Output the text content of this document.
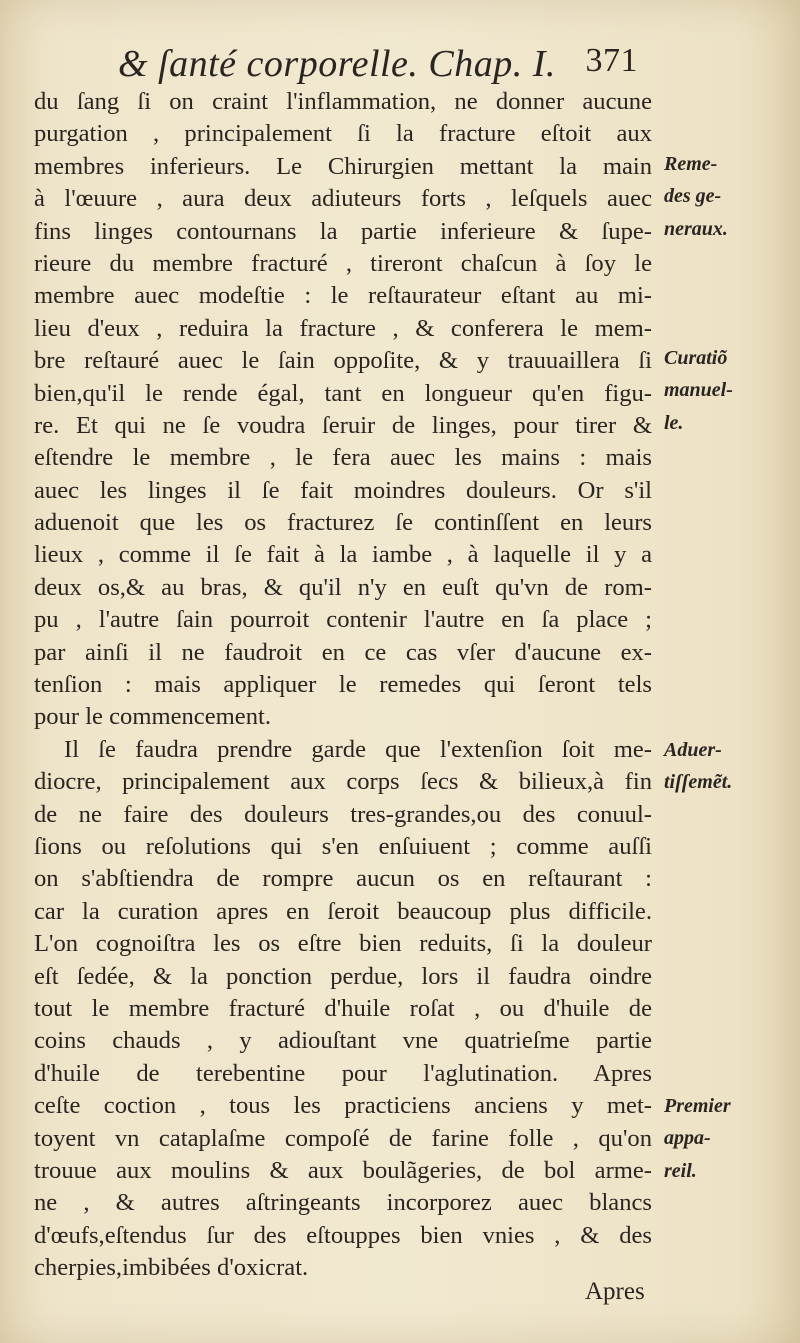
& ſanté corporelle. Chap. I. 371
du ſang ſi on craint l'inflammation, ne donner aucune
purgation , principalement ſi la fracture eſtoit aux
membres inferieurs. Le Chirurgien mettant la main
à l'œuure , aura deux adiuteurs forts , leſquels auec
fins linges contournans la partie inferieure & ſupe-
rieure du membre fracturé , tireront chaſcun à ſoy le
membre auec modeſtie : le reſtaurateur eſtant au mi-
lieu d'eux , reduira la fracture , & conferera le mem-
bre reſtauré auec le ſain oppoſite, & y trauuaillera ſi
bien,qu'il le rende égal, tant en longueur qu'en figu-
re. Et qui ne ſe voudra ſeruir de linges, pour tirer &
eſtendre le membre , le fera auec les mains : mais
auec les linges il ſe fait moindres douleurs. Or s'il
aduenoit que les os fracturez ſe continſſent en leurs
lieux , comme il ſe fait à la iambe , à laquelle il y a
deux os,& au bras, & qu'il n'y en euſt qu'vn de rom-
pu , l'autre ſain pourroit contenir l'autre en ſa place ;
par ainſi il ne faudroit en ce cas vſer d'aucune ex-
tenſion : mais appliquer le remedes qui ſeront tels
pour le commencement.
Il ſe faudra prendre garde que l'extenſion ſoit me-
diocre, principalement aux corps ſecs & bilieux,à fin
de ne faire des douleurs tres-grandes,ou des conuul-
ſions ou reſolutions qui s'en enſuiuent ; comme auſſi
on s'abſtiendra de rompre aucun os en reſtaurant :
car la curation apres en ſeroit beaucoup plus difficile.
L'on cognoiſtra les os eſtre bien reduits, ſi la douleur
eſt ſedée, & la ponction perdue, lors il faudra oindre
tout le membre fracturé d'huile roſat , ou d'huile de
coins chauds , y adiouſtant vne quatrieſme partie
d'huile de terebentine pour l'aglutination. Apres
ceſte coction , tous les practiciens anciens y met-
toyent vn cataplaſme compoſé de farine folle , qu'on
trouue aux moulins & aux boulãgeries, de bol arme-
ne , & autres aſtringeants incorporez auec blancs
d'œufs,eſtendus ſur des eſtouppes bien vnies , & des
cherpies,imbibées d'oxicrat.
Reme-
des ge-
neraux.
Curatiõ
manuel-
le.
Aduer-
tiſſemẽt.
Premier
appa-
reil.
Apres
